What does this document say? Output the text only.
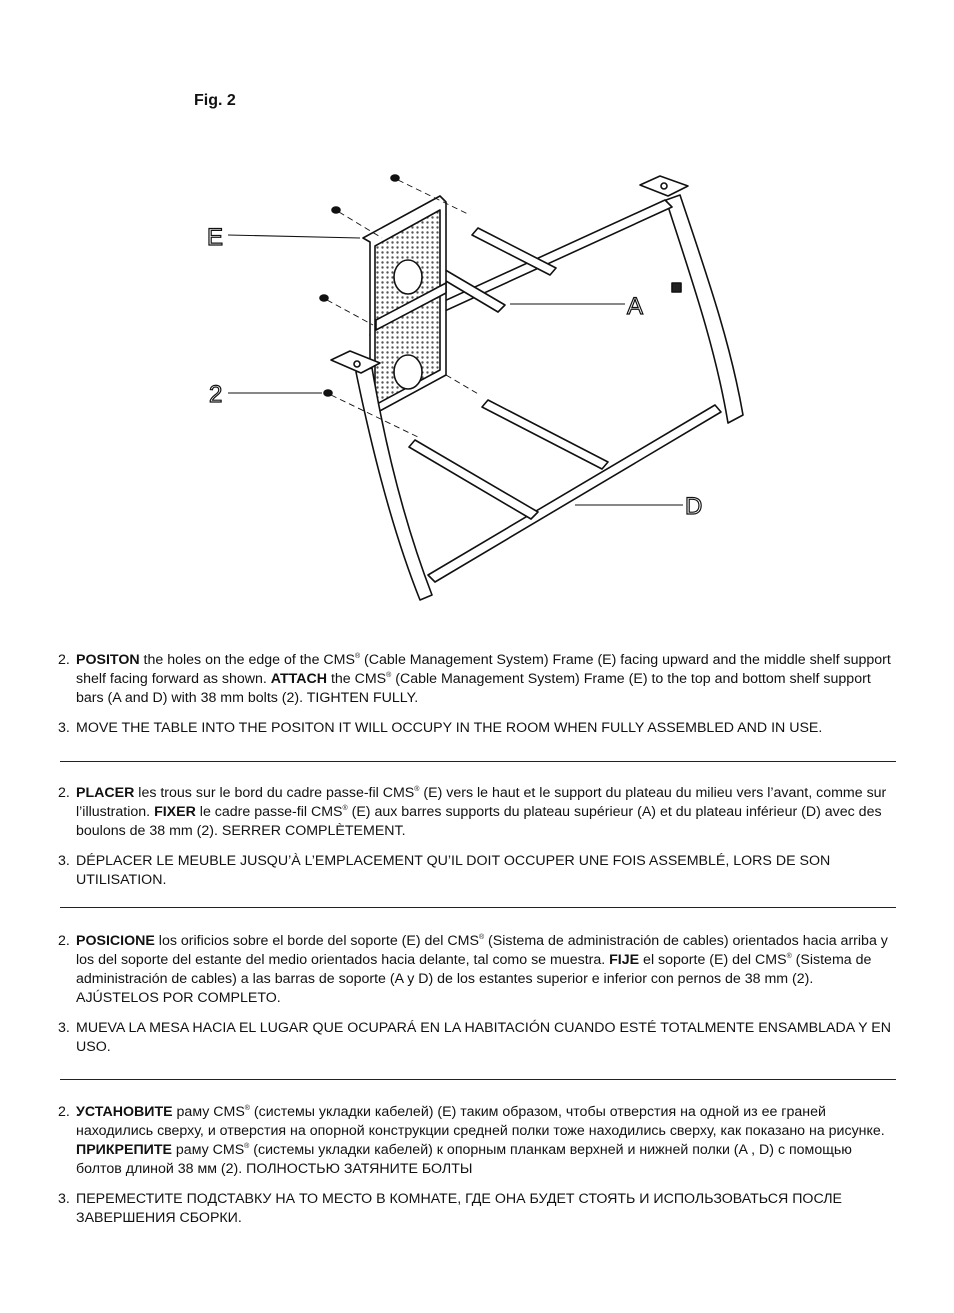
Fig. 2
E
A
2
D
2. POSITON the holes on the edge of the CMS® (Cable Management System) Frame (E) facing upward and the middle shelf support shelf facing forward as shown. ATTACH the CMS® (Cable Management System) Frame (E) to the top and bottom shelf support bars (A and D) with 38 mm bolts (2). TIGHTEN FULLY.
3. MOVE THE TABLE INTO THE POSITON IT WILL OCCUPY IN THE ROOM WHEN FULLY ASSEMBLED AND IN USE.
2. PLACER les trous sur le bord du cadre passe-fil CMS® (E) vers le haut et le support du plateau du milieu vers l’avant, comme sur l’illustration. FIXER le cadre passe-fil CMS® (E) aux barres supports du plateau supérieur (A) et du plateau inférieur (D) avec des boulons de 38 mm (2). SERRER COMPLÈTEMENT.
3. DÉPLACER LE MEUBLE JUSQU’À L’EMPLACEMENT QU’IL DOIT OCCUPER UNE FOIS ASSEMBLÉ, LORS DE SON UTILISATION.
2. POSICIONE los orificios sobre el borde del soporte (E) del CMS® (Sistema de administración de cables) orientados hacia arriba y los del soporte del estante del medio orientados hacia delante, tal como se muestra. FIJE el soporte (E) del CMS® (Sistema de administración de cables) a las barras de soporte (A y D) de los estantes superior e inferior con pernos de 38 mm (2). AJÚSTELOS POR COMPLETO.
3. MUEVA LA MESA HACIA EL LUGAR QUE OCUPARÁ EN LA HABITACIÓN CUANDO ESTÉ TOTALMENTE ENSAMBLADA Y EN USO.
2. УСТАНОВИТЕ раму CMS® (системы укладки кабелей) (E) таким образом, чтобы отверстия на одной из ее граней находились сверху, и отверстия на опорной конструкции средней полки тоже находились сверху, как показано на рисунке. ПРИКРЕПИТЕ раму CMS® (системы укладки кабелей) к опорным планкам верхней и нижней полки (A , D) с помощью болтов длиной 38 мм (2). ПОЛНОСТЬЮ ЗАТЯНИТЕ БОЛТЫ
3. ПЕРЕМЕСТИТЕ ПОДСТАВКУ НА ТО МЕСТО В КОМНАТЕ, ГДЕ ОНА БУДЕТ СТОЯТЬ И ИСПОЛЬЗОВАТЬСЯ ПОСЛЕ ЗАВЕРШЕНИЯ СБОРКИ.
